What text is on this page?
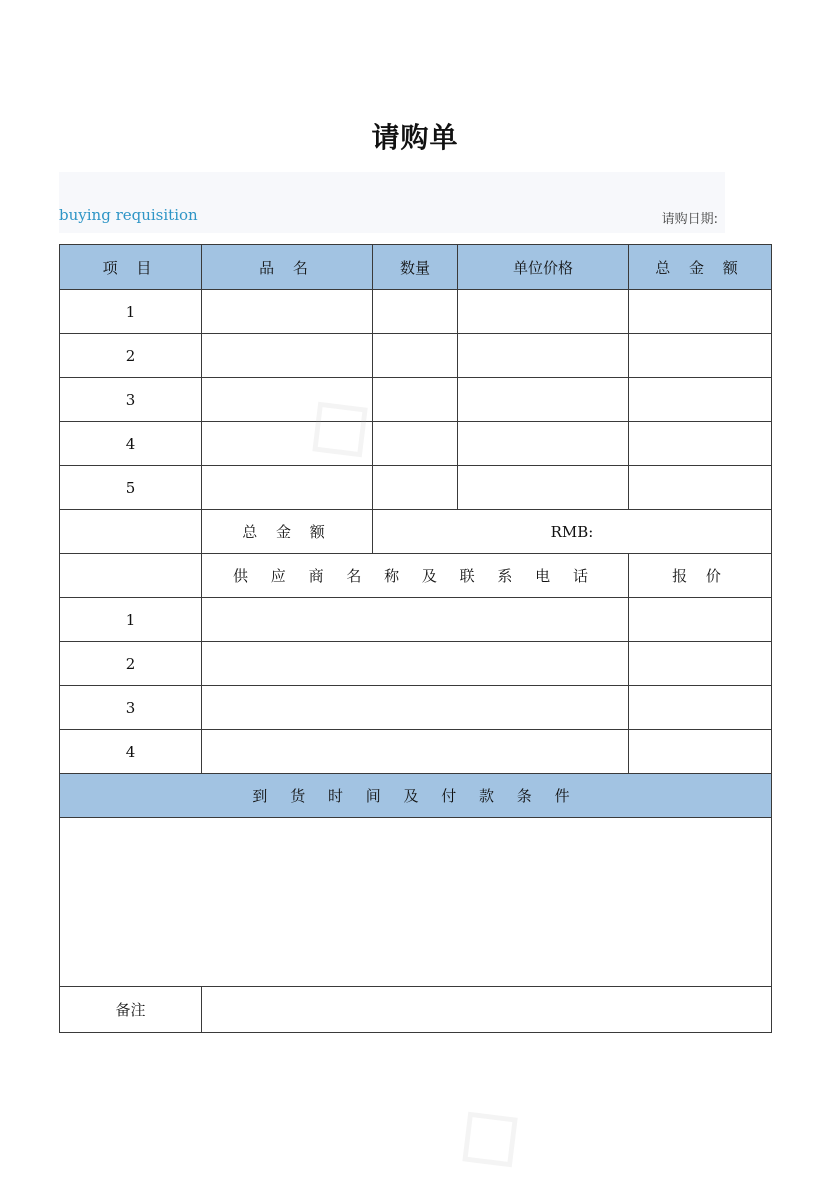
请购单
buying requisition	请购日期:
项 目	品 名	数量	单位价格	总 金 额
1				
2				
3				
4				
5				
	总 金 额	RMB:		
	供 应 商 名 称 及 联 系 电 话			报 价
1				
2				
3				
4				
到 货 时 间 及 付 款 条 件				

备注				
◇
◇
